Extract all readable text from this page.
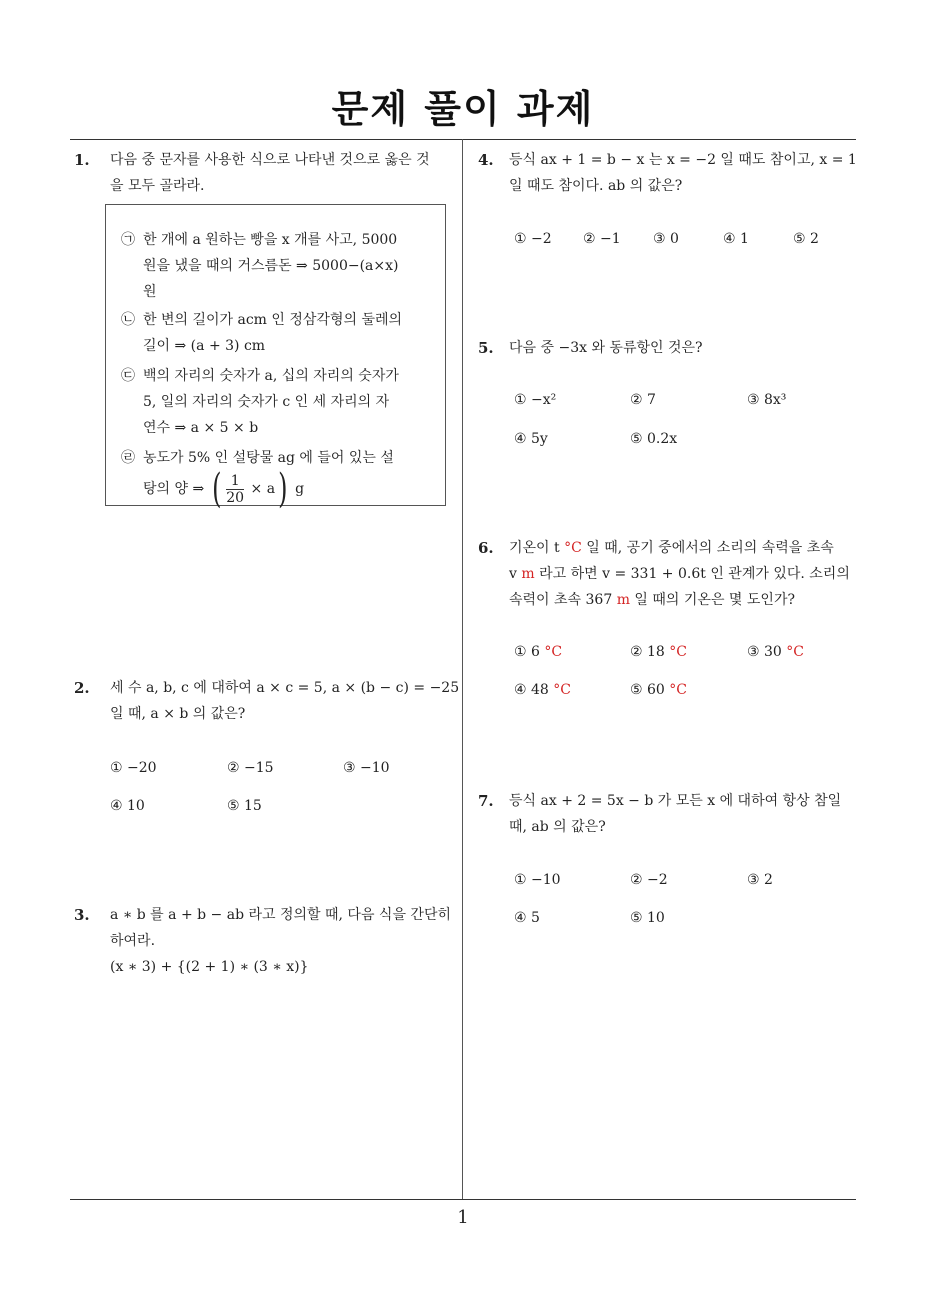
문제 풀이 과제
1
1. 다음 중 문자를 사용한 식으로 나타낸 것으로 옳은 것
을 모두 골라라.
㉠ 한 개에 a 원하는 빵을 x 개를 사고, 5000
원을 냈을 때의 거스름돈 ⇒ 5000−(a×x)
원
㉡ 한 변의 길이가 acm 인 정삼각형의 둘레의
길이 ⇒ (a + 3) cm
㉢ 백의 자리의 숫자가 a, 십의 자리의 숫자가
5, 일의 자리의 숫자가 c 인 세 자리의 자
연수 ⇒ a × 5 × b
㉣ 농도가 5% 인 설탕물 ag 에 들어 있는 설
탕의 양 ⇒ ( $\frac{1}{20} \times a$) g
2. 세 수 a, b, c 에 대하여 a × c = 5, a × (b − c) = −25
일 때, a × b 의 값은?
① −20	② −15	③ −10
④ 10	⑤ 15
3. a ∗ b 를 a + b − ab 라고 정의할 때, 다음 식을 간단히
하여라.
(x ∗ 3) + {(2 + 1) ∗ (3 ∗ x)}
4. 등식 ax + 1 = b − x 는 x = −2 일 때도 참이고, x = 1
일 때도 참이다. ab 의 값은?
① −2 ② −1 ③ 0	④ 1	⑤ 2
5. 다음 중 −3x 와 동류항인 것은?
① −x²	② 7	③ 8x³
④ 5y	⑤ 0.2x
6. 기온이 t °C 일 때, 공기 중에서의 소리의 속력을 초속
v m 라고 하면 v = 331 + 0.6t 인 관계가 있다. 소리의
속력이 초속 367 m 일 때의 기온은 몇 도인가?
① 6 °C	② 18 °C	③ 30 °C
④ 48 °C	⑤ 60 °C
7. 등식 ax + 2 = 5x − b 가 모든 x 에 대하여 항상 참일
때, ab 의 값은?
① −10	② −2	③ 2
④ 5	⑤ 10
